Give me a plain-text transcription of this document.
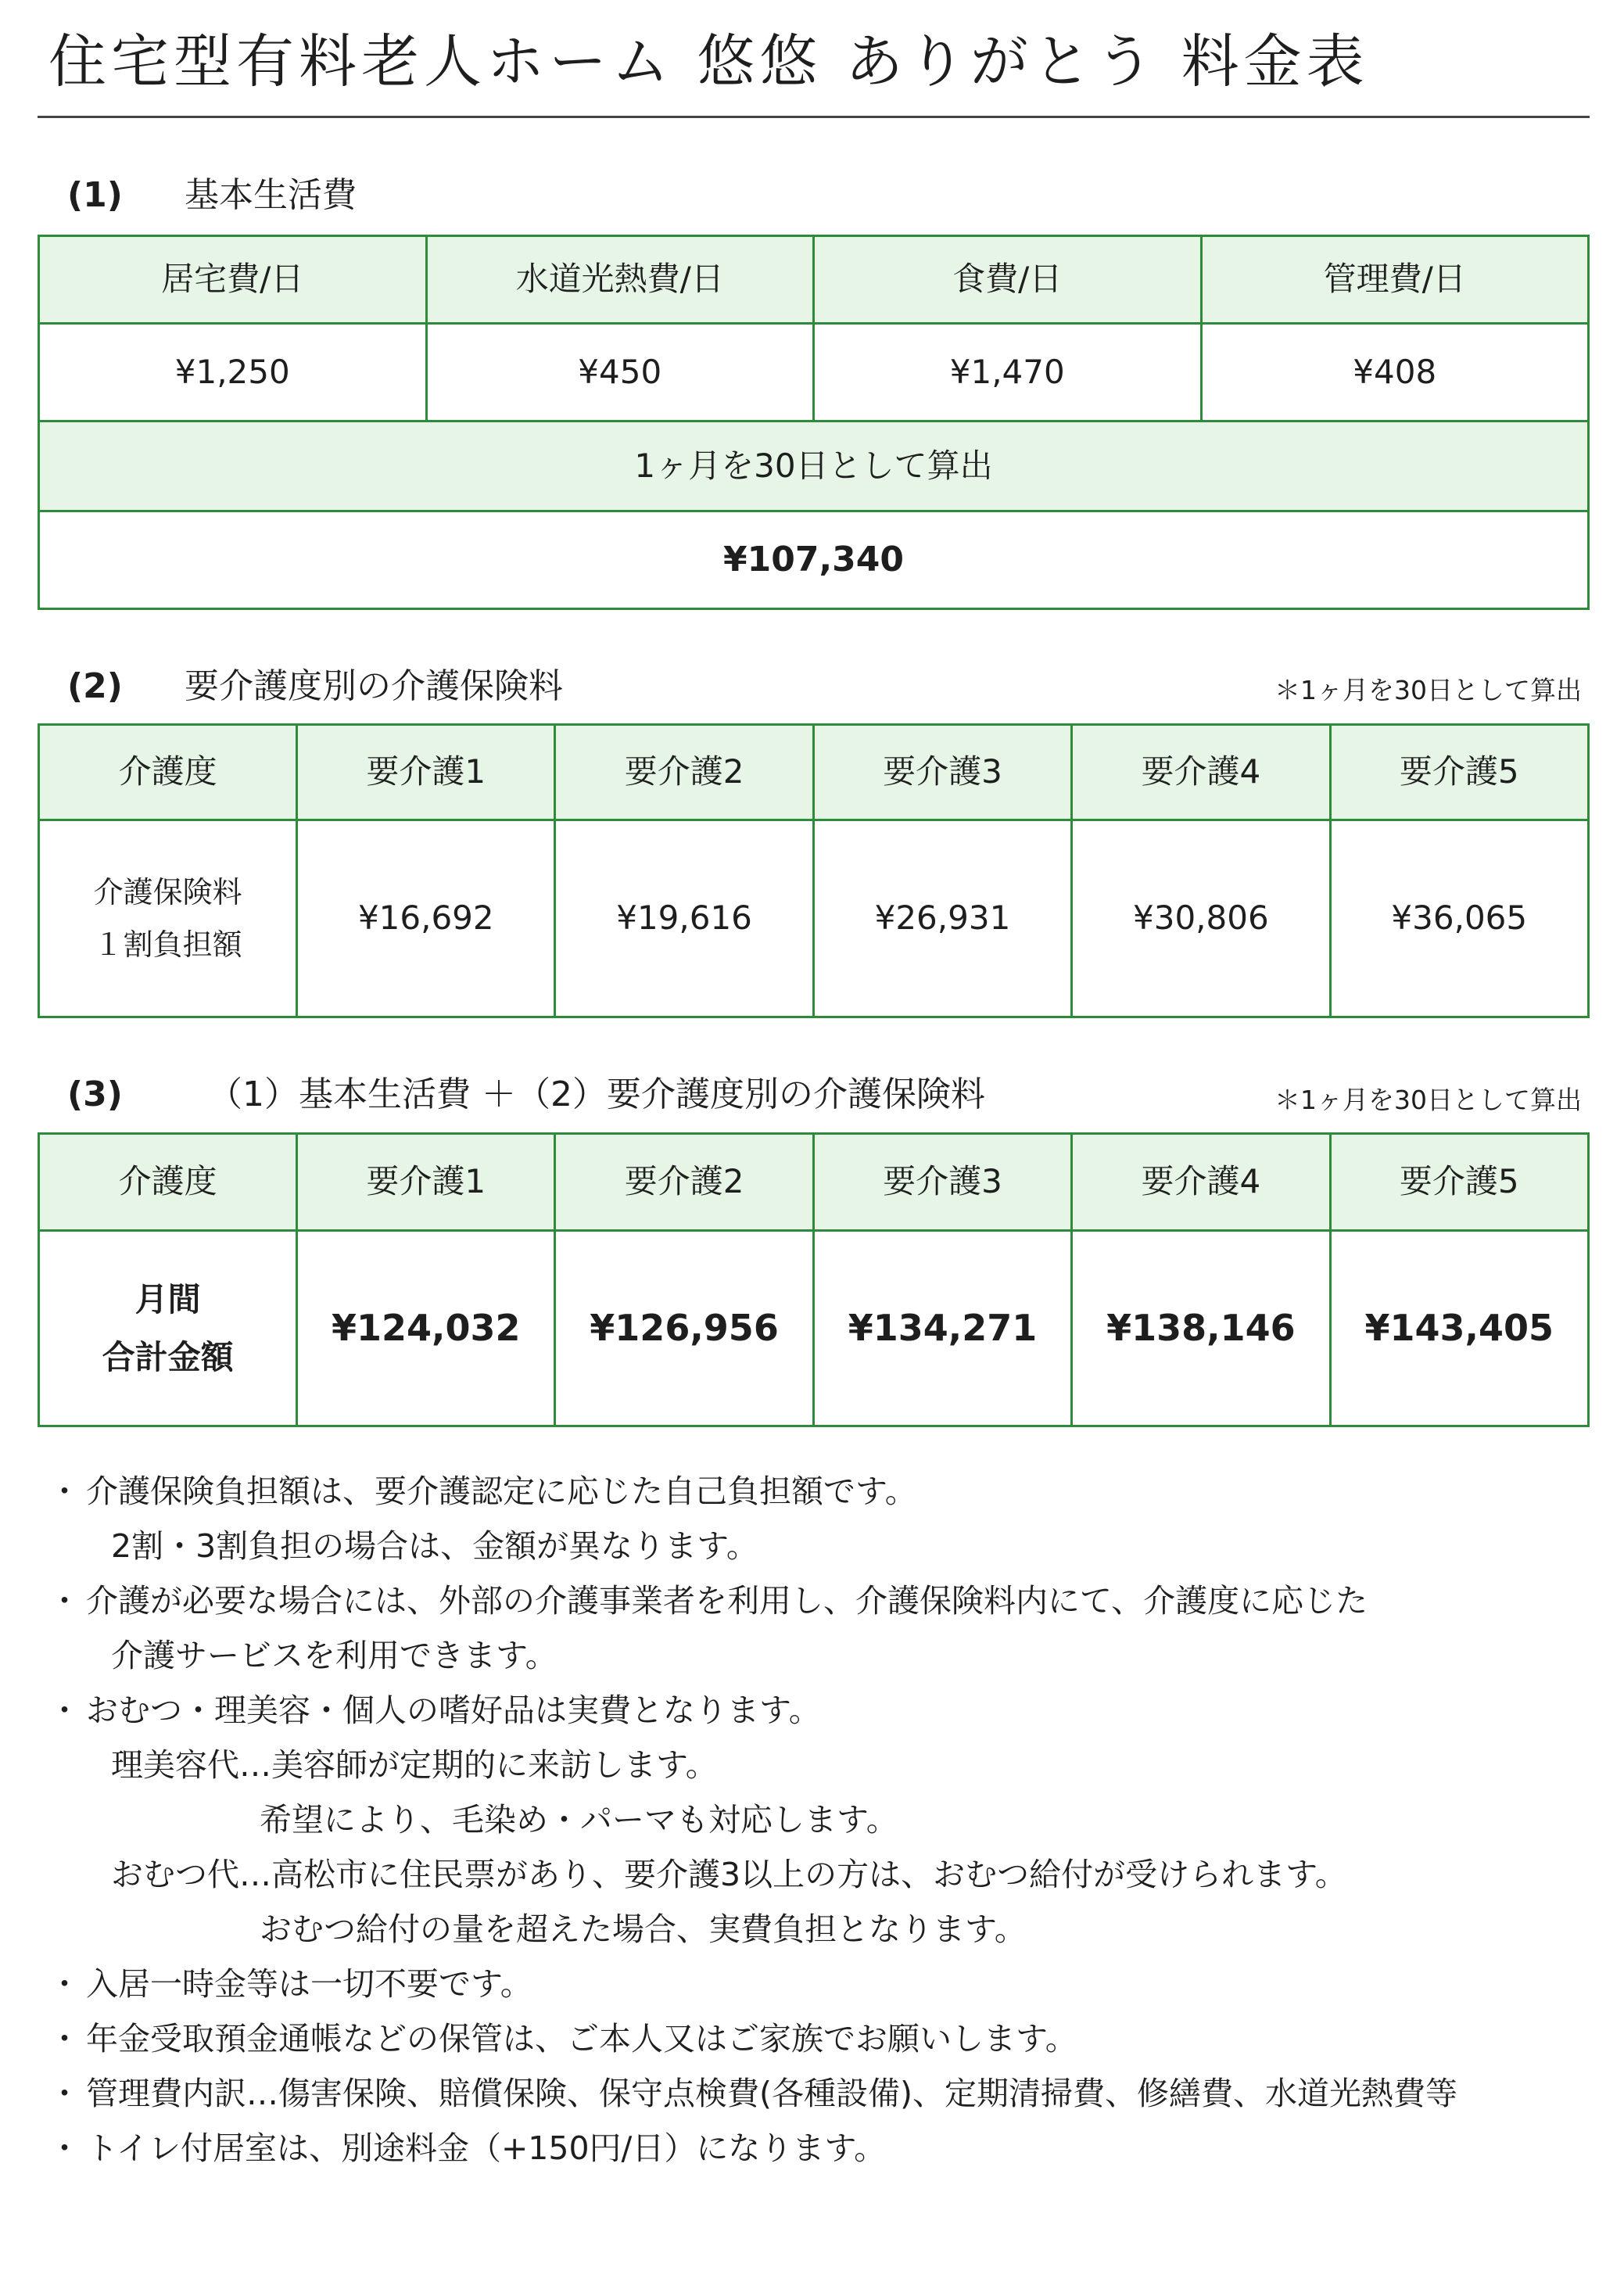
住宅型有料老人ホーム 悠悠 ありがとう 料金表
(1) 基本生活費
居宅費/日	水道光熱費/日	食費/日	管理費/日
¥1,250	¥450	¥1,470	¥408
1ヶ月を30日として算出			
¥107,340			
(2) 要介護度別の介護保険料	＊1ヶ月を30日として算出
介護度	要介護1	要介護2	要介護3	要介護4	要介護5

介護保険料
１割負担額	¥16,692	¥19,616	¥26,931	¥30,806	¥36,065
(3) （1）基本生活費 ＋（2）要介護度別の介護保険料	＊1ヶ月を30日として算出
介護度	要介護1	要介護2	要介護3	要介護4	要介護5

月間
合計金額	¥124,032	¥126,956	¥134,271	¥138,146	¥143,405
・ 介護保険負担額は、要介護認定に応じた自己負担額です。
2割・3割負担の場合は、金額が異なります。
・ 介護が必要な場合には、外部の介護事業者を利用し、介護保険料内にて、介護度に応じた
介護サービスを利用できます。
・ おむつ・理美容・個人の嗜好品は実費となります。
理美容代…美容師が定期的に来訪します。
希望により、毛染め・パーマも対応します。
おむつ代…高松市に住民票があり、要介護3以上の方は、おむつ給付が受けられます。
おむつ給付の量を超えた場合、実費負担となります。
・ 入居一時金等は一切不要です。
・ 年金受取預金通帳などの保管は、ご本人又はご家族でお願いします。
・ 管理費内訳…傷害保険、賠償保険、保守点検費(各種設備)、定期清掃費、修繕費、水道光熱費等
・ トイレ付居室は、別途料金（+150円/日）になります。
